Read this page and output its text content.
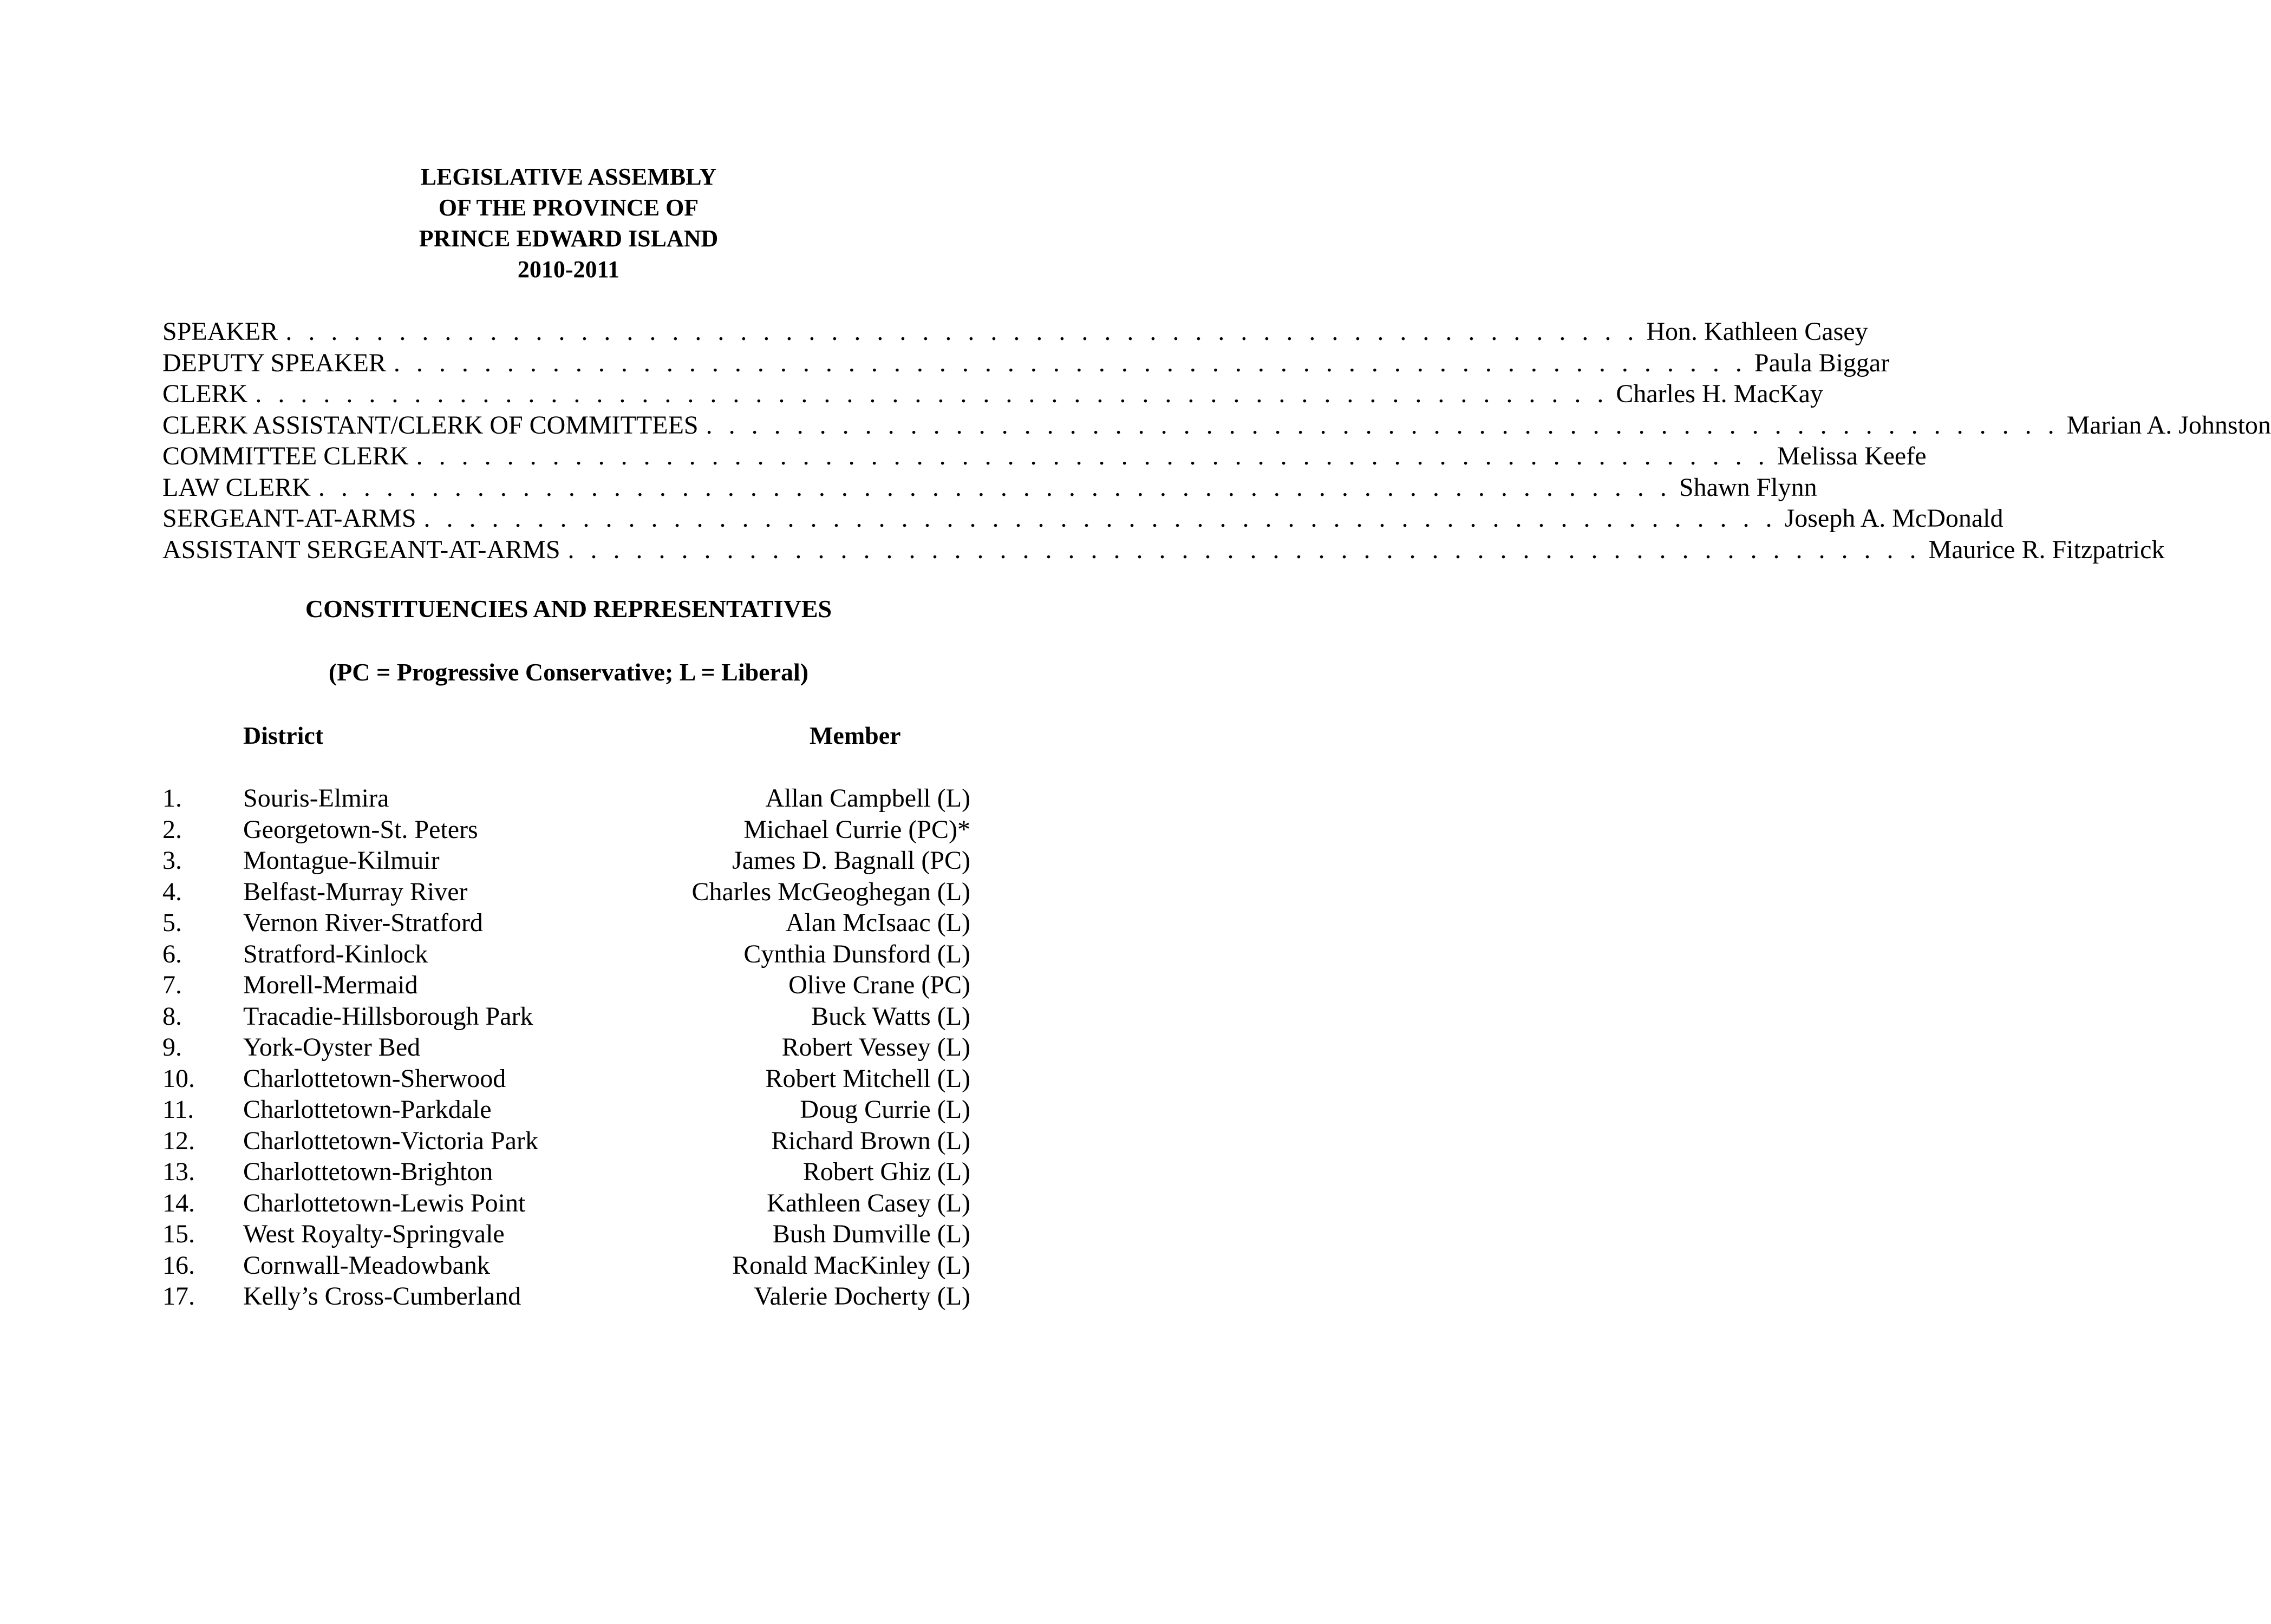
LEGISLATIVE ASSEMBLY
OF THE PROVINCE OF
PRINCE EDWARD ISLAND
2010-2011
SPEAKER . . . . . . . . . . . . . . . . . . . . . . . . . . . . . . . . . . . . . . . . . . . . . . . . . . . . . . . . . . . . Hon. Kathleen Casey
DEPUTY SPEAKER . . . . . . . . . . . . . . . . . . . . . . . . . . . . . . . . . . . . . . . . . . . . . . . . . . . . . . . . . . . . Paula Biggar
CLERK . . . . . . . . . . . . . . . . . . . . . . . . . . . . . . . . . . . . . . . . . . . . . . . . . . . . . . . . . . . . Charles H. MacKay
CLERK ASSISTANT/CLERK OF COMMITTEES . . . . . . . . . . . . . . . . . . . . . . . . . . . . . . . . . . . . . . . . . . . . . . . . . . . . . . . . . . . . Marian A. Johnston
COMMITTEE CLERK . . . . . . . . . . . . . . . . . . . . . . . . . . . . . . . . . . . . . . . . . . . . . . . . . . . . . . . . . . . . Melissa Keefe
LAW CLERK . . . . . . . . . . . . . . . . . . . . . . . . . . . . . . . . . . . . . . . . . . . . . . . . . . . . . . . . . . . . Shawn Flynn
SERGEANT-AT-ARMS . . . . . . . . . . . . . . . . . . . . . . . . . . . . . . . . . . . . . . . . . . . . . . . . . . . . . . . . . . . . Joseph A. McDonald
ASSISTANT SERGEANT-AT-ARMS . . . . . . . . . . . . . . . . . . . . . . . . . . . . . . . . . . . . . . . . . . . . . . . . . . . . . . . . . . . . Maurice R. Fitzpatrick
CONSTITUENCIES AND REPRESENTATIVES
(PC = Progressive Conservative; L = Liberal)
District	Member
1. Souris-Elmira	Allan Campbell (L)
2. Georgetown-St. Peters	Michael Currie (PC)*
3. Montague-Kilmuir	James D. Bagnall (PC)
4. Belfast-Murray River	Charles McGeoghegan (L)
5. Vernon River-Stratford	Alan McIsaac (L)
6. Stratford-Kinlock	Cynthia Dunsford (L)
7. Morell-Mermaid	Olive Crane (PC)
8. Tracadie-Hillsborough Park	Buck Watts (L)
9. York-Oyster Bed	Robert Vessey (L)
10. Charlottetown-Sherwood	Robert Mitchell (L)
11. Charlottetown-Parkdale	Doug Currie (L)
12. Charlottetown-Victoria Park	Richard Brown (L)
13. Charlottetown-Brighton	Robert Ghiz (L)
14. Charlottetown-Lewis Point	Kathleen Casey (L)
15. West Royalty-Springvale	Bush Dumville (L)
16. Cornwall-Meadowbank	Ronald MacKinley (L)
17. Kelly’s Cross-Cumberland	Valerie Docherty (L)
